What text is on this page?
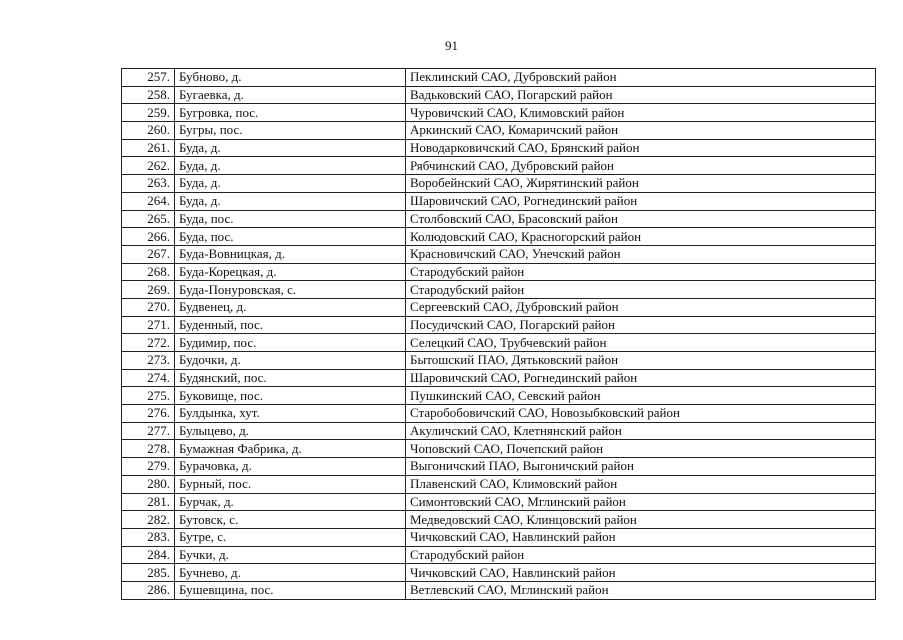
91
257.	Бубново, д.	Пеклинский САО, Дубровский район
258.	Бугаевка, д.	Вадьковский САО, Погарский район
259.	Бугровка, пос.	Чуровичский САО, Климовский район
260.	Бугры, пос.	Аркинский САО, Комаричский район
261.	Буда, д.	Новодарковичский САО, Брянский район
262.	Буда, д.	Рябчинский САО, Дубровский район
263.	Буда, д.	Воробейнский САО, Жирятинский район
264.	Буда, д.	Шаровичский САО, Рогнединский район
265.	Буда, пос.	Столбовский САО, Брасовский район
266.	Буда, пос.	Колюдовский САО, Красногорский район
267.	Буда-Вовницкая, д.	Красновичский САО, Унечский район
268.	Буда-Корецкая, д.	Стародубский район
269.	Буда-Понуровская, с.	Стародубский район
270.	Будвенец, д.	Сергеевский САО, Дубровский район
271.	Буденный, пос.	Посудичский САО, Погарский район
272.	Будимир, пос.	Селецкий САО, Трубчевский район
273.	Будочки, д.	Бытошский ПАО, Дятьковский район
274.	Будянский, пос.	Шаровичский САО, Рогнединский район
275.	Буковище, пос.	Пушкинский САО, Севский район
276.	Булдынка, хут.	Старобобовичский САО, Новозыбковский район
277.	Булыцево, д.	Акуличский САО, Клетнянский район
278.	Бумажная Фабрика, д.	Чоповский САО, Почепский район
279.	Бурачовка, д.	Выгоничский ПАО, Выгоничский район
280.	Бурный, пос.	Плавенский САО, Климовский район
281.	Бурчак, д.	Симонтовский САО, Мглинский район
282.	Бутовск, с.	Медведовский САО, Клинцовский район
283.	Бутре, с.	Чичковский САО, Навлинский район
284.	Бучки, д.	Стародубский район
285.	Бучнево, д.	Чичковский САО, Навлинский район
286.	Бушевщина, пос.	Ветлевский САО, Мглинский район
